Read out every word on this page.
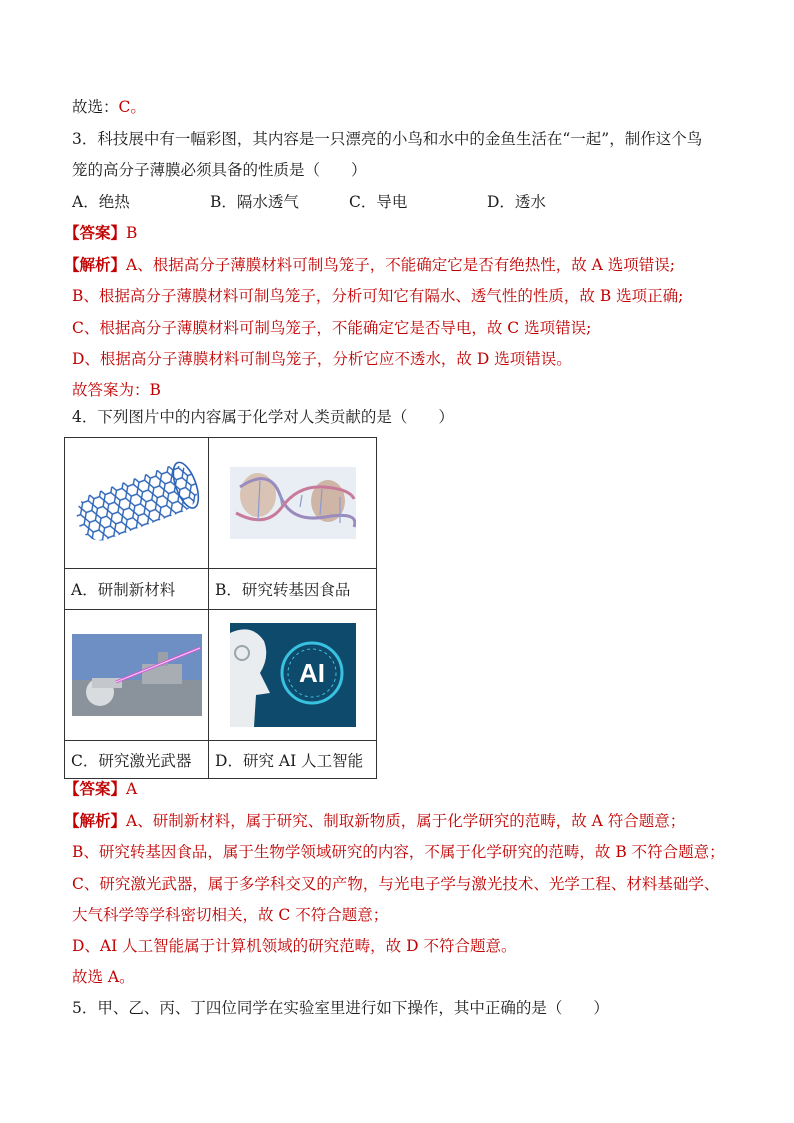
故选：C。
3．科技展中有一幅彩图，其内容是一只漂亮的小鸟和水中的金鱼生活在“一起”，制作这个鸟
笼的高分子薄膜必须具备的性质是（　　）
A．绝热	B．隔水透气	C．导电	D．透水
【答案】B
【解析】A、根据高分子薄膜材料可制鸟笼子，不能确定它是否有绝热性，故 A 选项错误;
B、根据高分子薄膜材料可制鸟笼子，分析可知它有隔水、透气性的性质，故 B 选项正确;
C、根据高分子薄膜材料可制鸟笼子，不能确定它是否导电，故 C 选项错误;
D、根据高分子薄膜材料可制鸟笼子，分析它应不透水，故 D 选项错误。
故答案为：B
4．下列图片中的内容属于化学对人类贡献的是（　　）

A．研制新材料	B．研究转基因食品

AI

C．研究激光武器	D．研究 AI 人工智能
【答案】A
【解析】A、研制新材料，属于研究、制取新物质，属于化学研究的范畴，故 A 符合题意；
B、研究转基因食品，属于生物学领域研究的内容，不属于化学研究的范畴，故 B 不符合题意；
C、研究激光武器，属于多学科交叉的产物，与光电子学与激光技术、光学工程、材料基础学、
大气科学等学科密切相关，故 C 不符合题意；
D、AI 人工智能属于计算机领域的研究范畴，故 D 不符合题意。
故选 A。
5．甲、乙、丙、丁四位同学在实验室里进行如下操作，其中正确的是（　　）
